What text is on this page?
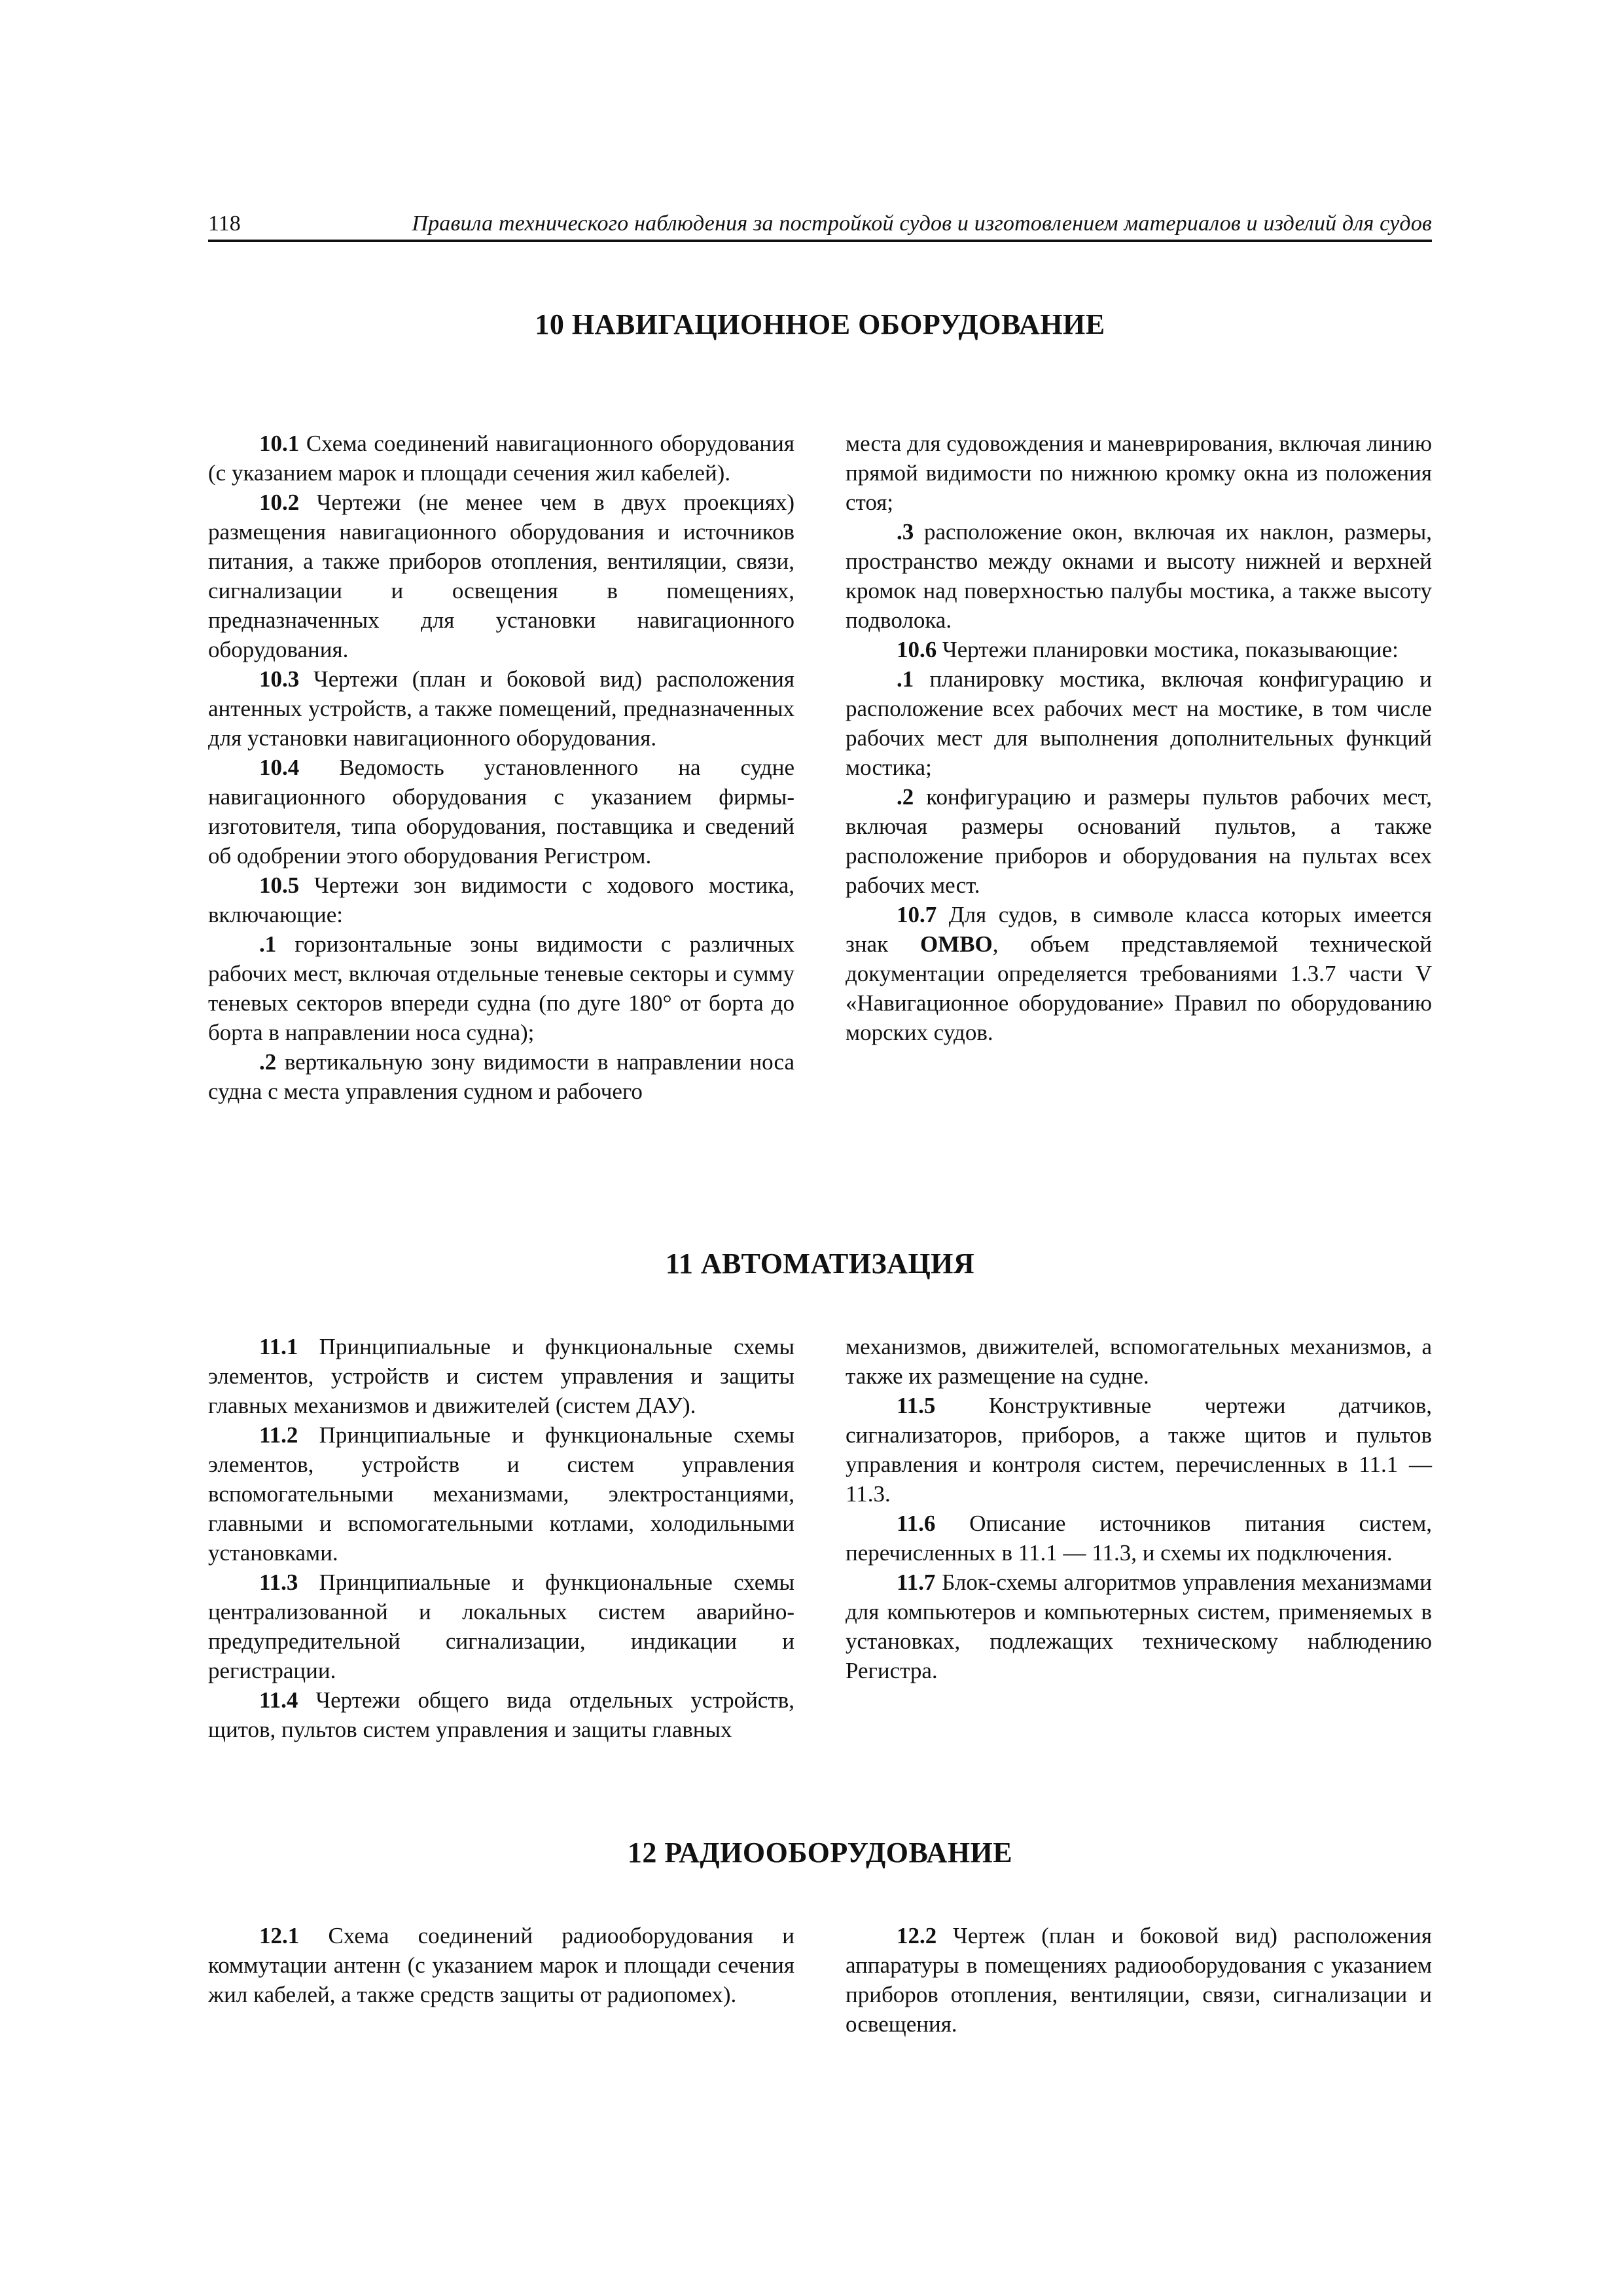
118	Правила технического наблюдения за постройкой судов и изготовлением материалов и изделий для судов
10 НАВИГАЦИОННОЕ ОБОРУДОВАНИЕ

10.1 Схема соединений навигационного оборудования (с указанием марок и площади сечения жил кабелей).

10.2 Чертежи (не менее чем в двух проекциях) размещения навигационного оборудования и источников питания, а также приборов отопления, вентиляции, связи, сигнализации и освещения в помещениях, предназначенных для установки навигационного оборудования.

10.3 Чертежи (план и боковой вид) расположения антенных устройств, а также помещений, предназначенных для установки навигационного оборудования.

10.4 Ведомость установленного на судне навигационного оборудования с указанием фирмы-изготовителя, типа оборудования, поставщика и сведений об одобрении этого оборудования Регистром.

10.5 Чертежи зон видимости с ходового мостика, включающие:

.1 горизонтальные зоны видимости с различных рабочих мест, включая отдельные теневые секторы и сумму теневых секторов впереди судна (по дуге 180° от борта до борта в направлении носа судна);

.2 вертикальную зону видимости в направлении носа судна с места управления судном и рабочего

места для судовождения и маневрирования, включая линию прямой видимости по нижнюю кромку окна из положения стоя;

.3 расположение окон, включая их наклон, размеры, пространство между окнами и высоту нижней и верхней кромок над поверхностью палубы мостика, а также высоту подволока.

10.6 Чертежи планировки мостика, показывающие:

.1 планировку мостика, включая конфигурацию и расположение всех рабочих мест на мостике, в том числе рабочих мест для выполнения дополнительных функций мостика;

.2 конфигурацию и размеры пультов рабочих мест, включая размеры оснований пультов, а также расположение приборов и оборудования на пультах всех рабочих мест.

10.7 Для судов, в символе класса которых имеется знак OMBO, объем представляемой технической документации определяется требованиями 1.3.7 части V «Навигационное оборудование» Правил по оборудованию морских судов.

11 АВТОМАТИЗАЦИЯ

11.1 Принципиальные и функциональные схемы элементов, устройств и систем управления и защиты главных механизмов и движителей (систем ДАУ).

11.2 Принципиальные и функциональные схемы элементов, устройств и систем управления вспомогательными механизмами, электростанциями, главными и вспомогательными котлами, холодильными установками.

11.3 Принципиальные и функциональные схемы централизованной и локальных систем аварийно-предупредительной сигнализации, индикации и регистрации.

11.4 Чертежи общего вида отдельных устройств, щитов, пультов систем управления и защиты главных

механизмов, движителей, вспомогательных механизмов, а также их размещение на судне.

11.5 Конструктивные чертежи датчиков, сигнализаторов, приборов, а также щитов и пультов управления и контроля систем, перечисленных в 11.1 — 11.3.

11.6 Описание источников питания систем, перечисленных в 11.1 — 11.3, и схемы их подключения.

11.7 Блок-схемы алгоритмов управления механизмами для компьютеров и компьютерных систем, применяемых в установках, подлежащих техническому наблюдению Регистра.

12 РАДИООБОРУДОВАНИЕ

12.1 Схема соединений радиооборудования и коммутации антенн (с указанием марок и площади сечения жил кабелей, а также средств защиты от радиопомех).

12.2 Чертеж (план и боковой вид) расположения аппаратуры в помещениях радиооборудования с указанием приборов отопления, вентиляции, связи, сигнализации и освещения.
